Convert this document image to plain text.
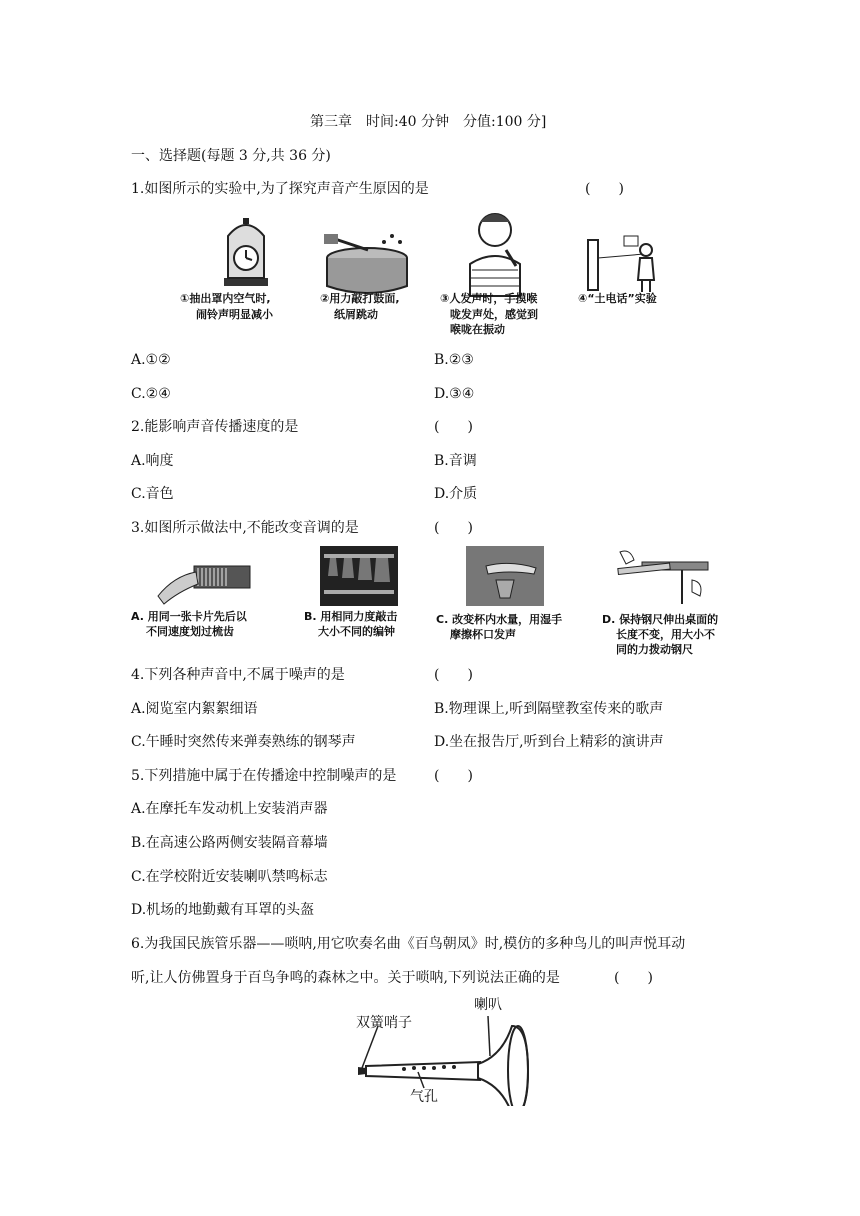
第三章　时间:40 分钟　分值:100 分]
一、选择题(每题 3 分,共 36 分)
1.如图所示的实验中,为了探究声音产生原因的是	(　　)
①抽出罩内空气时,
闹铃声明显减小
②用力敲打鼓面,
纸屑跳动
③人发声时，手摸喉
咙发声处，感觉到
喉咙在振动
④“土电话”实验
A.①②	B.②③
C.②④	D.③④
2.能影响声音传播速度的是	(　　)
A.响度	B.音调
C.音色	D.介质
3.如图所示做法中,不能改变音调的是	(　　)
A. 用同一张卡片先后以
不同速度划过梳齿
B. 用相同力度敲击
大小不同的编钟
C. 改变杯内水量，用湿手
摩擦杯口发声
D. 保持钢尺伸出桌面的
长度不变，用大小不
同的力拨动钢尺
4.下列各种声音中,不属于噪声的是	(　　)
A.阅览室内絮絮细语	B.物理课上,听到隔壁教室传来的歌声
C.午睡时突然传来弹奏熟练的钢琴声	D.坐在报告厅,听到台上精彩的演讲声
5.下列措施中属于在传播途中控制噪声的是	(　　)
A.在摩托车发动机上安装消声器
B.在高速公路两侧安装隔音幕墙
C.在学校附近安装喇叭禁鸣标志
D.机场的地勤戴有耳罩的头盔
6.为我国民族管乐器——唢呐,用它吹奏名曲《百鸟朝凤》时,模仿的多种鸟儿的叫声悦耳动
听,让人仿佛置身于百鸟争鸣的森林之中。关于唢呐,下列说法正确的是	(　　)
双簧哨子
喇叭
气孔
